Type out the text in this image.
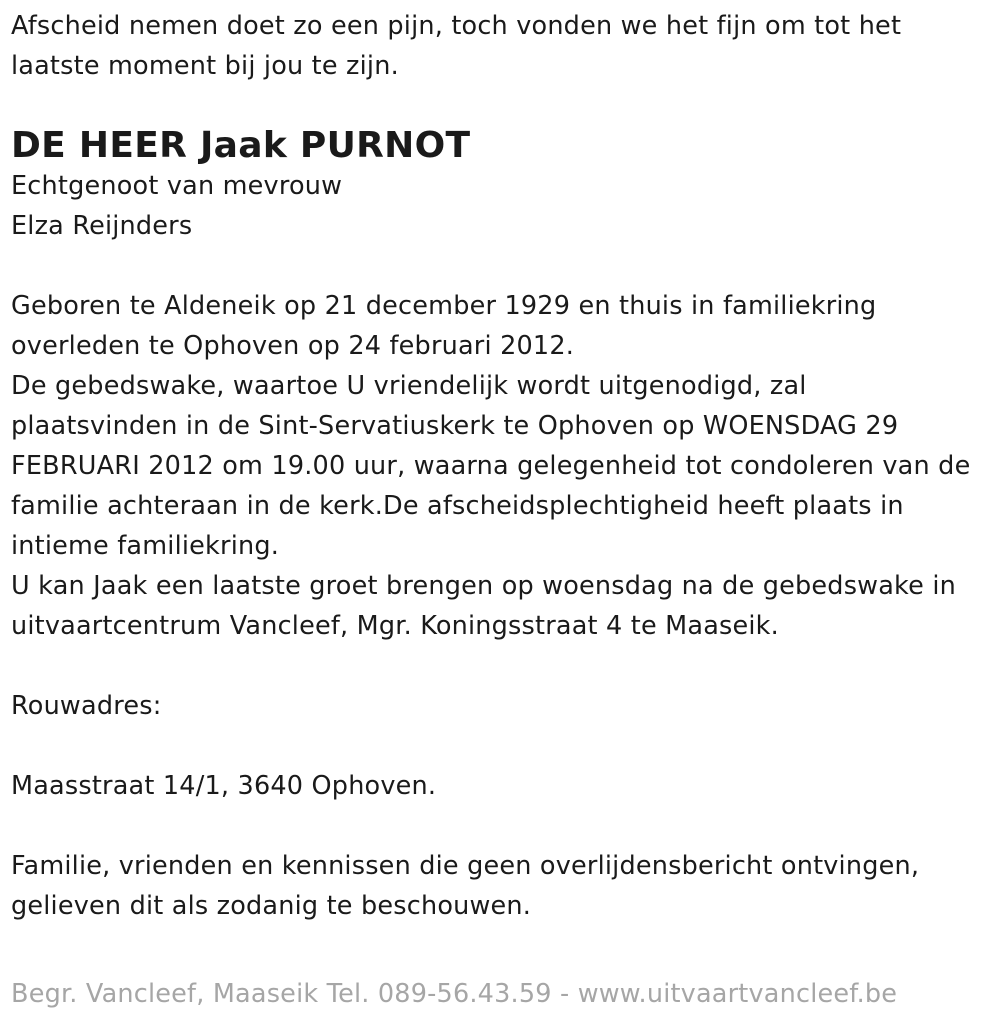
Afscheid nemen doet zo een pijn, toch vonden we het fijn om tot het
laatste moment bij jou te zijn.
DE HEER Jaak PURNOT
Echtgenoot van mevrouw
Elza Reijnders
Geboren te Aldeneik op 21 december 1929 en thuis in familiekring
overleden te Ophoven op 24 februari 2012.
De gebedswake, waartoe U vriendelijk wordt uitgenodigd, zal
plaatsvinden in de Sint-Servatiuskerk te Ophoven op WOENSDAG 29
FEBRUARI 2012 om 19.00 uur, waarna gelegenheid tot condoleren van de
familie achteraan in de kerk.De afscheidsplechtigheid heeft plaats in
intieme familiekring.
U kan Jaak een laatste groet brengen op woensdag na de gebedswake in
uitvaartcentrum Vancleef, Mgr. Koningsstraat 4 te Maaseik.
Rouwadres:
Maasstraat 14/1, 3640 Ophoven.
Familie, vrienden en kennissen die geen overlijdensbericht ontvingen,
gelieven dit als zodanig te beschouwen.
Begr. Vancleef, Maaseik Tel. 089-56.43.59 - www.uitvaartvancleef.be
